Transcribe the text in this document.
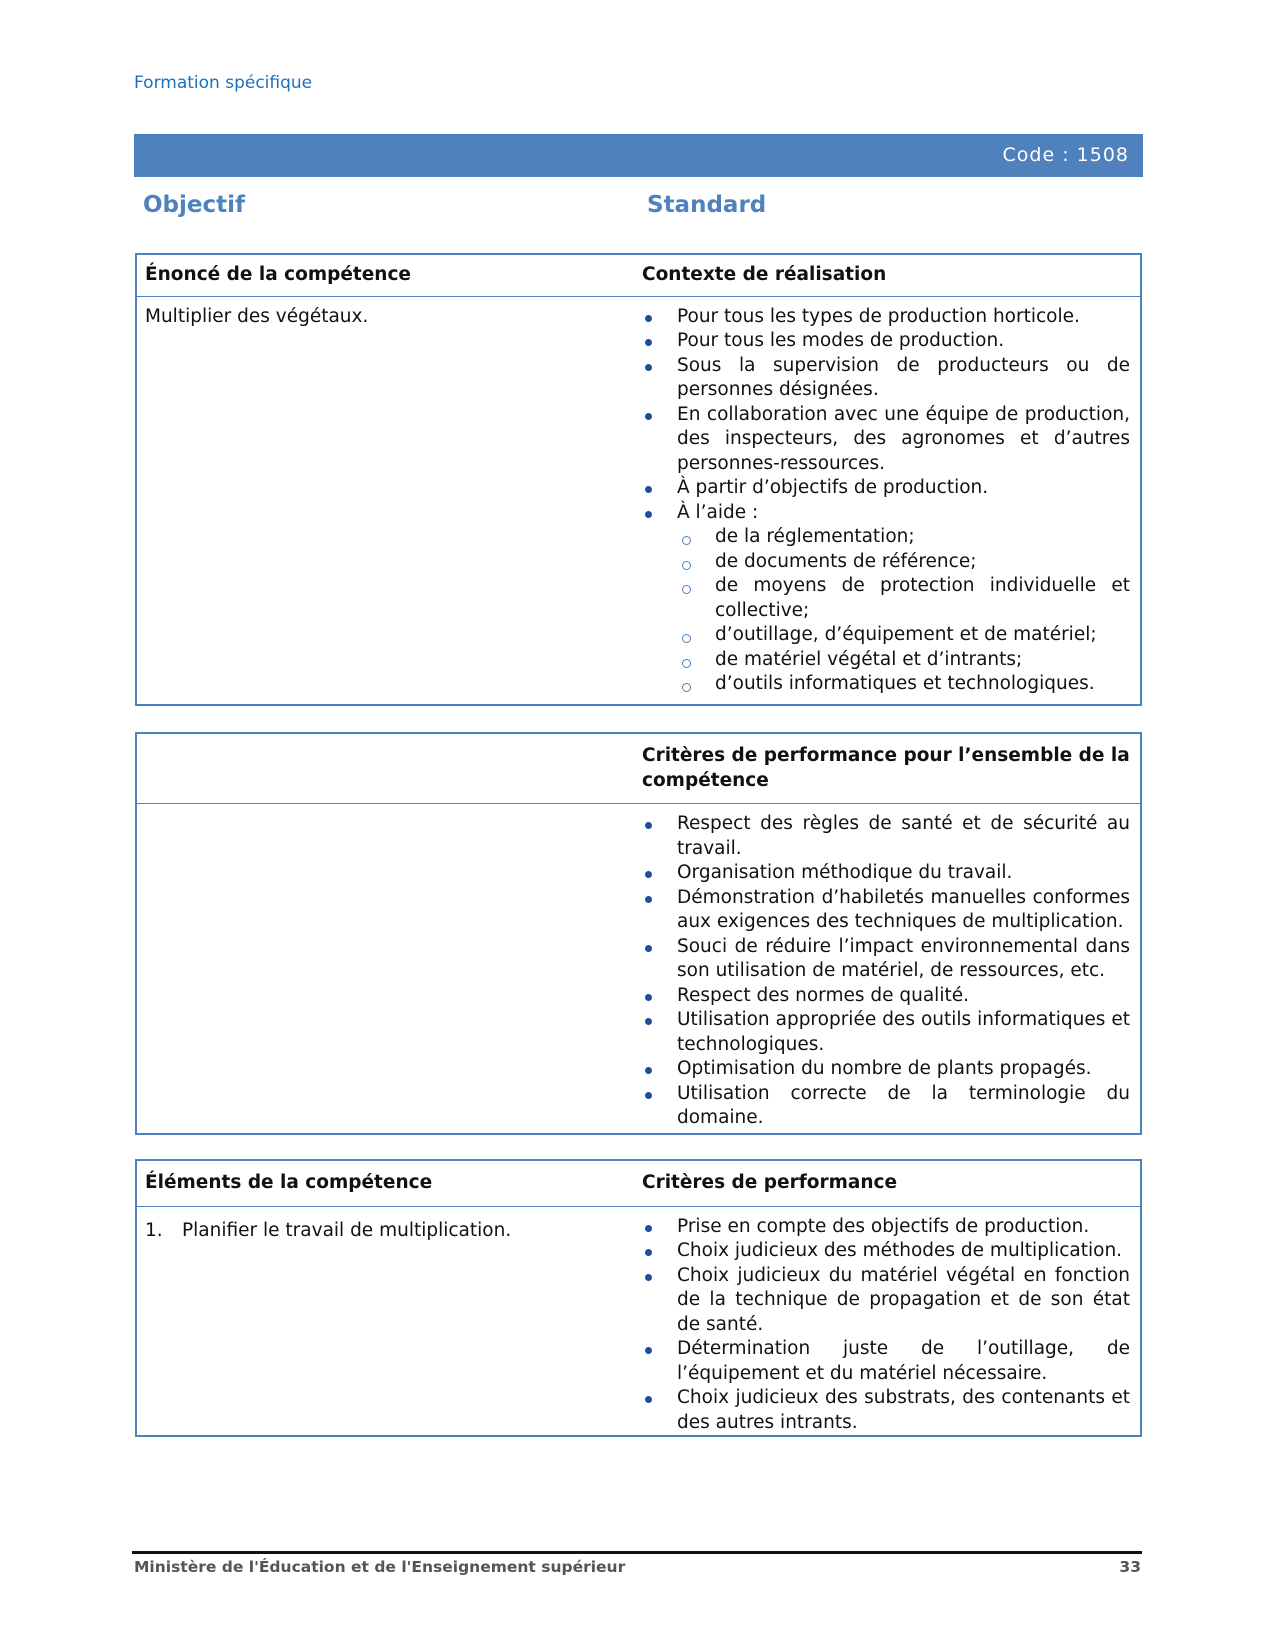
Formation spécifique
Code : 1508
Objectif	Standard
Énoncé de la compétence	Contexte de réalisation
Multiplier des végétaux.	Pour tous les types de production horticole.
Pour tous les modes de production.
Sous la supervision de producteurs ou de personnes désignées.
En collaboration avec une équipe de production, des inspecteurs, des agronomes et d’autres personnes-ressources.
À partir d’objectifs de production.
À l’aide :
de la réglementation;
de documents de référence;
de moyens de protection individuelle et collective;
d’outillage, d’équipement et de matériel;
de matériel végétal et d’intrants;
d’outils informatiques et technologiques.
Critères de performance pour l’ensemble de la compétence
Respect des règles de santé et de sécurité au travail.
Organisation méthodique du travail.
Démonstration d’habiletés manuelles conformes aux exigences des techniques de multiplication.
Souci de réduire l’impact environnemental dans son utilisation de matériel, de ressources, etc.
Respect des normes de qualité.
Utilisation appropriée des outils informatiques et technologiques.
Optimisation du nombre de plants propagés.
Utilisation correcte de la terminologie du domaine.
Éléments de la compétence	Critères de performance
1. Planifier le travail de multiplication.	Prise en compte des objectifs de production.
Choix judicieux des méthodes de multiplication.
Choix judicieux du matériel végétal en fonction de la technique de propagation et de son état de santé.
Détermination juste de l’outillage, de l’équipement et du matériel nécessaire.
Choix judicieux des substrats, des contenants et des autres intrants.
Ministère de l'Éducation et de l'Enseignement supérieur	33
